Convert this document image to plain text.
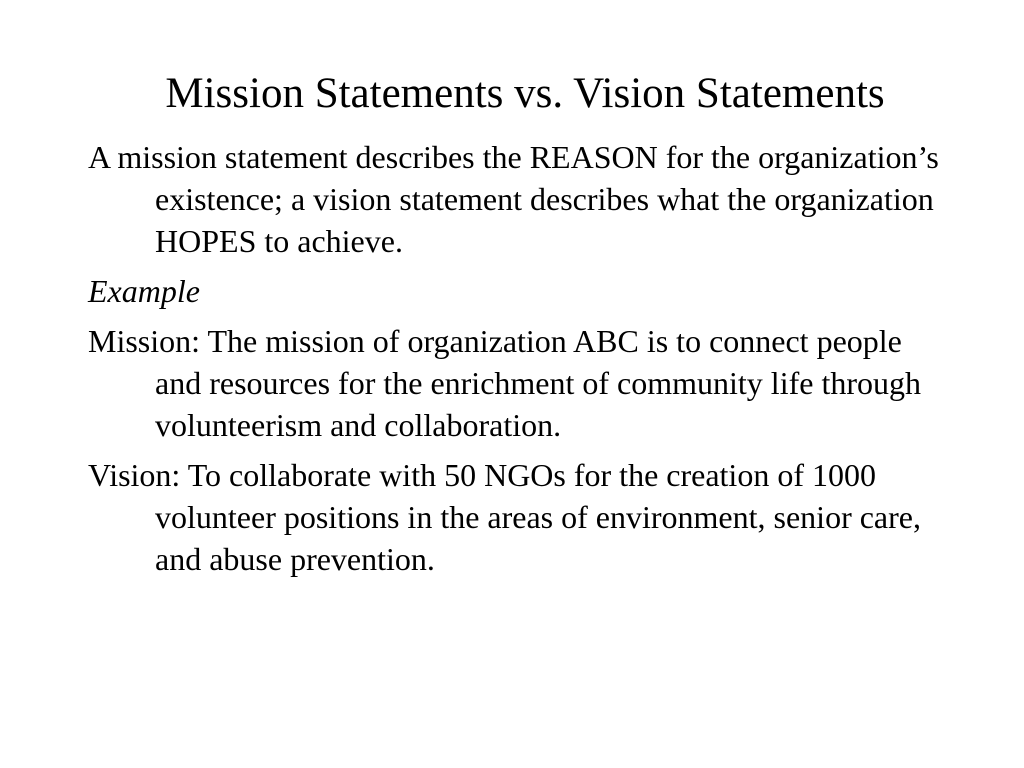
Mission Statements vs. Vision Statements

A mission statement describes the REASON for the organization’s existence; a vision statement describes what the organization HOPES to achieve.

Example

Mission: The mission of organization ABC is to connect people and resources for the enrichment of community life through volunteerism and collaboration.

Vision: To collaborate with 50 NGOs for the creation of 1000 volunteer positions in the areas of environment, senior care, and abuse prevention.
